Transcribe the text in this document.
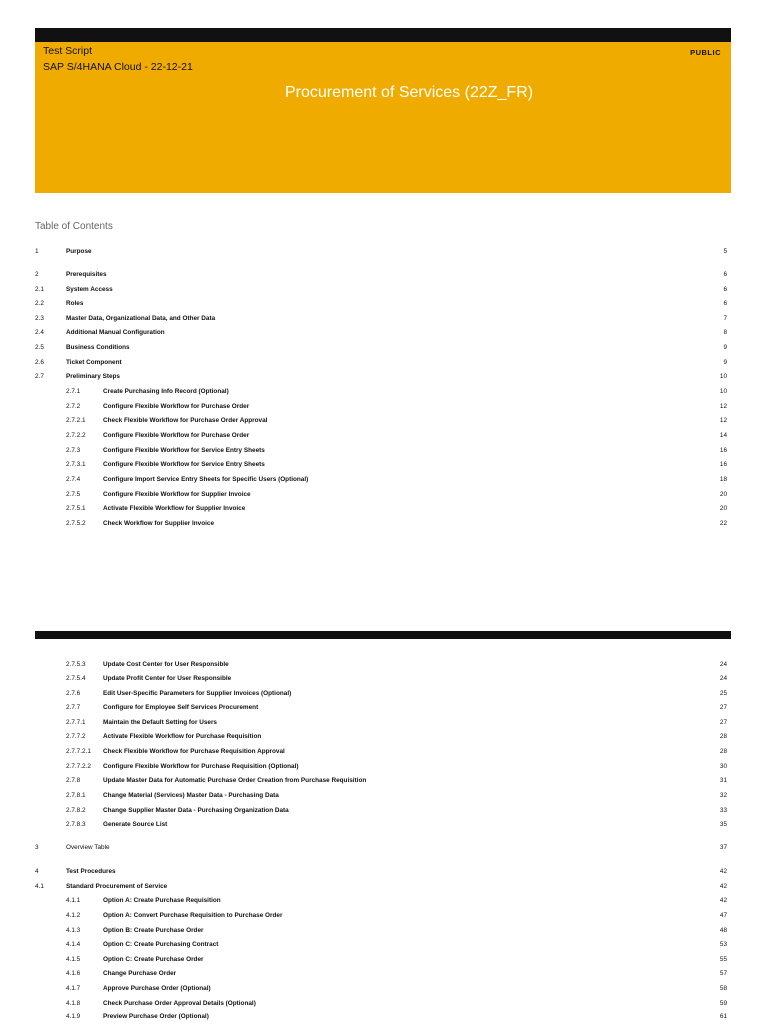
Test Script
SAP S/4HANA Cloud - 22-12-21
PUBLIC
Procurement of Services (22Z_FR)
Table of Contents
1	Purpose	5
2	Prerequisites	6
2.1	System Access	6
2.2	Roles	6
2.3	Master Data, Organizational Data, and Other Data	7
2.4	Additional Manual Configuration	8
2.5	Business Conditions	9
2.6	Ticket Component	9
2.7	Preliminary Steps	10
2.7.1	Create Purchasing Info Record (Optional)	10
2.7.2	Configure Flexible Workflow for Purchase Order	12
2.7.2.1	Check Flexible Workflow for Purchase Order Approval	12
2.7.2.2	Configure Flexible Workflow for Purchase Order	14
2.7.3	Configure Flexible Workflow for Service Entry Sheets	16
2.7.3.1	Configure Flexible Workflow for Service Entry Sheets	16
2.7.4	Configure Import Service Entry Sheets for Specific Users (Optional)	18
2.7.5	Configure Flexible Workflow for Supplier Invoice	20
2.7.5.1	Activate Flexible Workflow for Supplier Invoice	20
2.7.5.2	Check Workflow for Supplier Invoice	22
2.7.5.3	Update Cost Center for User Responsible	24
2.7.5.4	Update Profit Center for User Responsible	24
2.7.6	Edit User-Specific Parameters for Supplier Invoices (Optional)	25
2.7.7	Configure for Employee Self Services Procurement	27
2.7.7.1	Maintain the Default Setting for Users	27
2.7.7.2	Activate Flexible Workflow for Purchase Requisition	28
2.7.7.2.1 Check Flexible Workflow for Purchase Requisition Approval	28
2.7.7.2.2 Configure Flexible Workflow for Purchase Requisition (Optional)	30
2.7.8	Update Master Data for Automatic Purchase Order Creation from Purchase Requisition	31
2.7.8.1	Change Material (Services) Master Data - Purchasing Data	32
2.7.8.2	Change Supplier Master Data - Purchasing Organization Data	33
2.7.8.3	Generate Source List	35
3	Overview Table	37
4	Test Procedures	42
4.1	Standard Procurement of Service	42
4.1.1	Option A: Create Purchase Requisition	42
4.1.2	Option A: Convert Purchase Requisition to Purchase Order	47
4.1.3	Option B: Create Purchase Order	48
4.1.4	Option C: Create Purchasing Contract	53
4.1.5	Option C: Create Purchase Order	55
4.1.6	Change Purchase Order	57
4.1.7	Approve Purchase Order (Optional)	58
4.1.8	Check Purchase Order Approval Details (Optional)	59
4.1.9	Preview Purchase Order (Optional)	61
